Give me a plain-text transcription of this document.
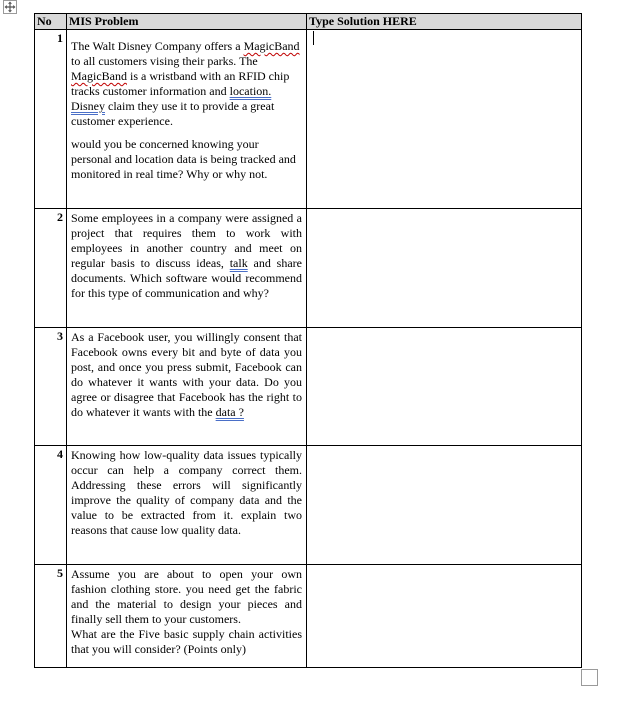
No	MIS Problem	Type Solution HERE
1	The Walt Disney Company offers a MagicBand to all customers vising their parks. The MagicBand is a wristband with an RFID chip tracks customer information and location. Disney claim they use it to provide a great customer experience.

would you be concerned knowing your personal and location data is being tracked and monitored in real time? Why or why not.	

2	Some employees in a company were assigned a project that requires them to work with employees in another country and meet on regular basis to discuss ideas, talk and share documents. Which software would recommend for this type of communication and why?	

3	As a Facebook user, you willingly consent that Facebook owns every bit and byte of data you post, and once you press submit, Facebook can do whatever it wants with your data. Do you agree or disagree that Facebook has the right to do whatever it wants with the data ?	

4	Knowing how low-quality data issues typically occur can help a company correct them. Addressing these errors will significantly improve the quality of company data and the value to be extracted from it. explain two reasons that cause low quality data.	

5	Assume you are about to open your own fashion clothing store. you need get the fabric and the material to design your pieces and finally sell them to your customers.

What are the Five basic supply chain activities that you will consider? (Points only)	
